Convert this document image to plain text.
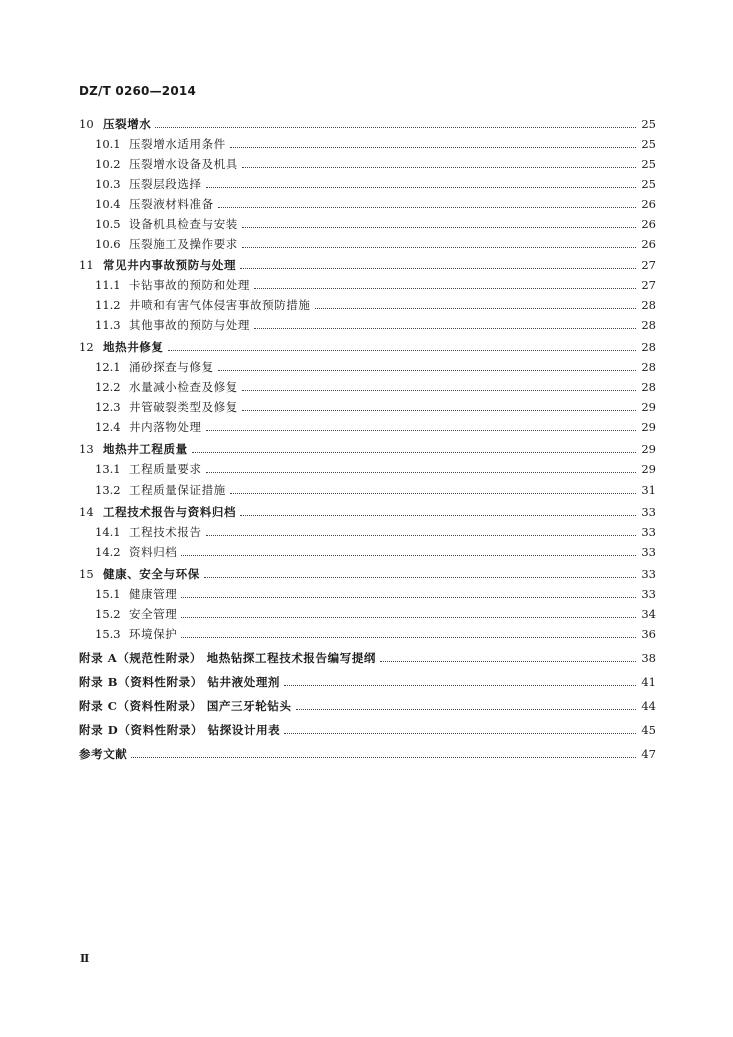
DZ/T 0260—2014
10 压裂增水	25
10.1 压裂增水适用条件	25
10.2 压裂增水设备及机具	25
10.3 压裂层段选择	25
10.4 压裂液材料准备	26
10.5 设备机具检查与安装	26
10.6 压裂施工及操作要求	26
11 常见井内事故预防与处理	27
11.1 卡钻事故的预防和处理	27
11.2 井喷和有害气体侵害事故预防措施	28
11.3 其他事故的预防与处理	28
12 地热井修复	28
12.1 涌砂探查与修复	28
12.2 水量减小检查及修复	28
12.3 井管破裂类型及修复	29
12.4 井内落物处理	29
13 地热井工程质量	29
13.1 工程质量要求	29
13.2 工程质量保证措施	31
14 工程技术报告与资料归档	33
14.1 工程技术报告	33
14.2 资料归档	33
15 健康、安全与环保	33
15.1 健康管理	33
15.2 安全管理	34
15.3 环境保护	36
附录 A（规范性附录） 地热钻探工程技术报告编写提纲	38
附录 B（资料性附录） 钻井液处理剂	41
附录 C（资料性附录） 国产三牙轮钻头	44
附录 D（资料性附录） 钻探设计用表	45
参考文献	47
Ⅱ
